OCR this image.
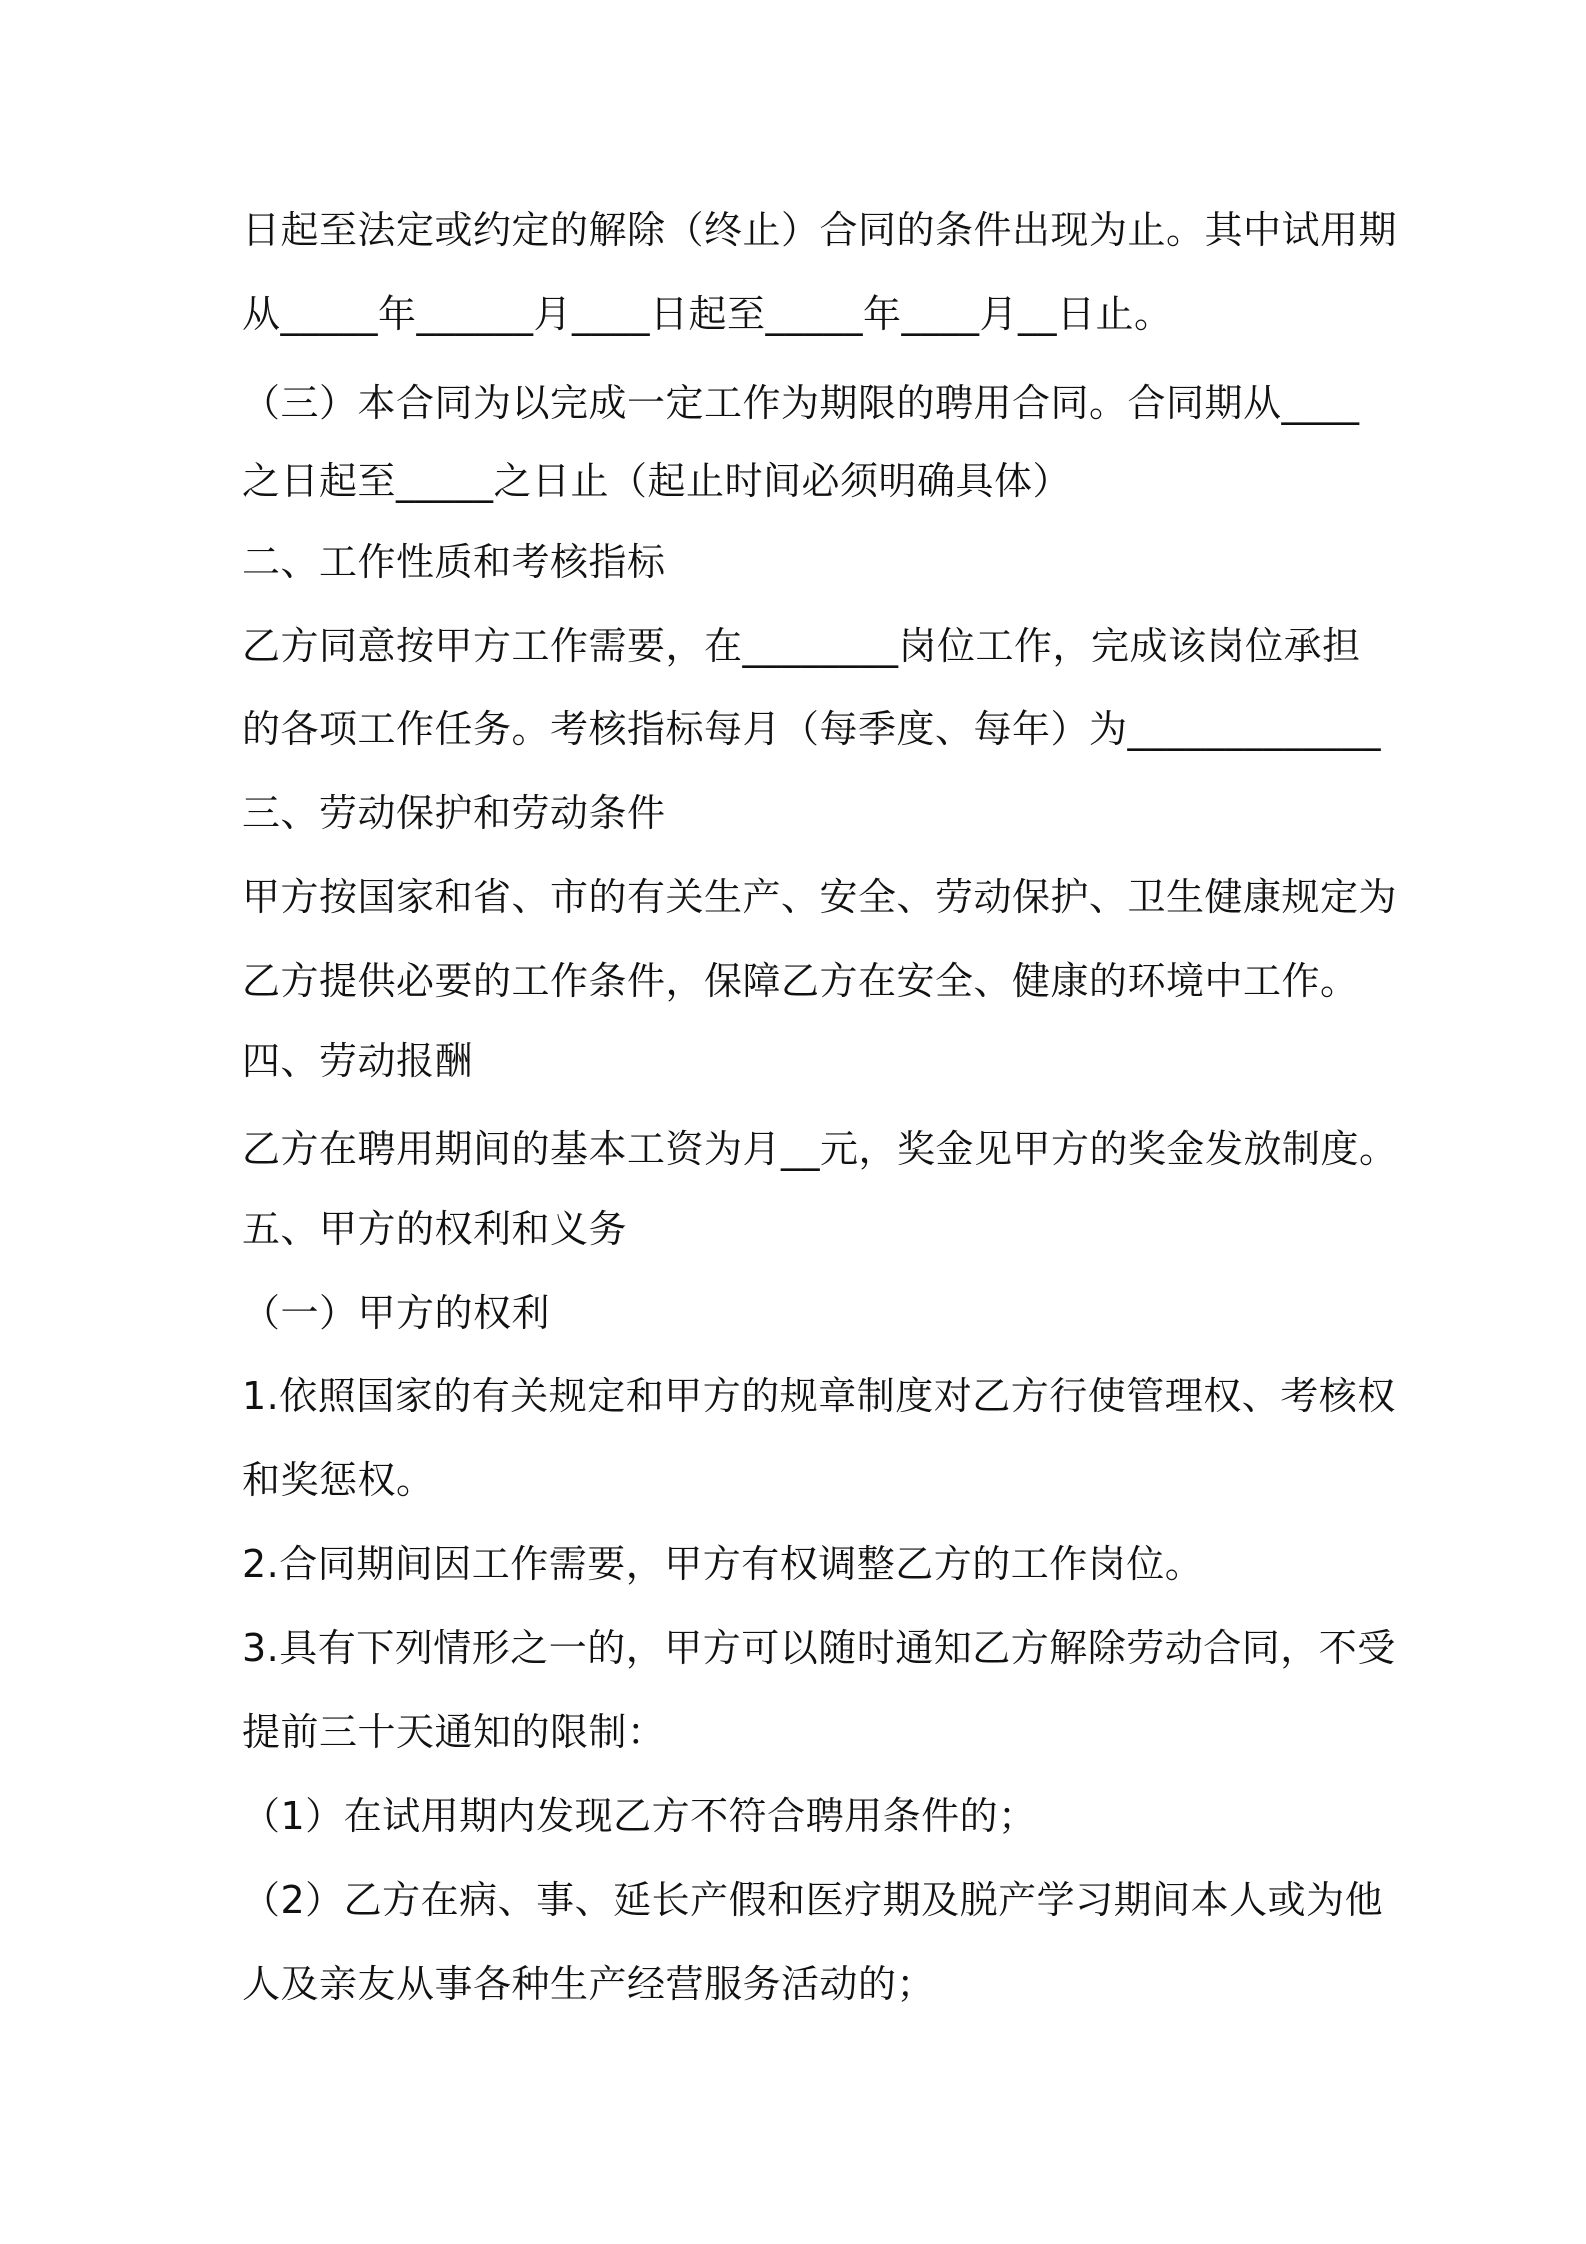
日起至法定或约定的解除（终止）合同的条件出现为止。其中试用期
从_____年______月____日起至_____年____月__日止。
（三）本合同为以完成一定工作为期限的聘用合同。合同期从____
之日起至_____之日止（起止时间必须明确具体）
二、工作性质和考核指标
乙方同意按甲方工作需要，在________岗位工作，完成该岗位承担
的各项工作任务。考核指标每月（每季度、每年）为_____________
三、劳动保护和劳动条件
甲方按国家和省、市的有关生产、安全、劳动保护、卫生健康规定为
乙方提供必要的工作条件，保障乙方在安全、健康的环境中工作。
四、劳动报酬
乙方在聘用期间的基本工资为月__元，奖金见甲方的奖金发放制度。
五、甲方的权利和义务
（一）甲方的权利
1.依照国家的有关规定和甲方的规章制度对乙方行使管理权、考核权
和奖惩权。
2.合同期间因工作需要，甲方有权调整乙方的工作岗位。
3.具有下列情形之一的，甲方可以随时通知乙方解除劳动合同，不受
提前三十天通知的限制：
（1）在试用期内发现乙方不符合聘用条件的；
（2）乙方在病、事、延长产假和医疗期及脱产学习期间本人或为他
人及亲友从事各种生产经营服务活动的；
